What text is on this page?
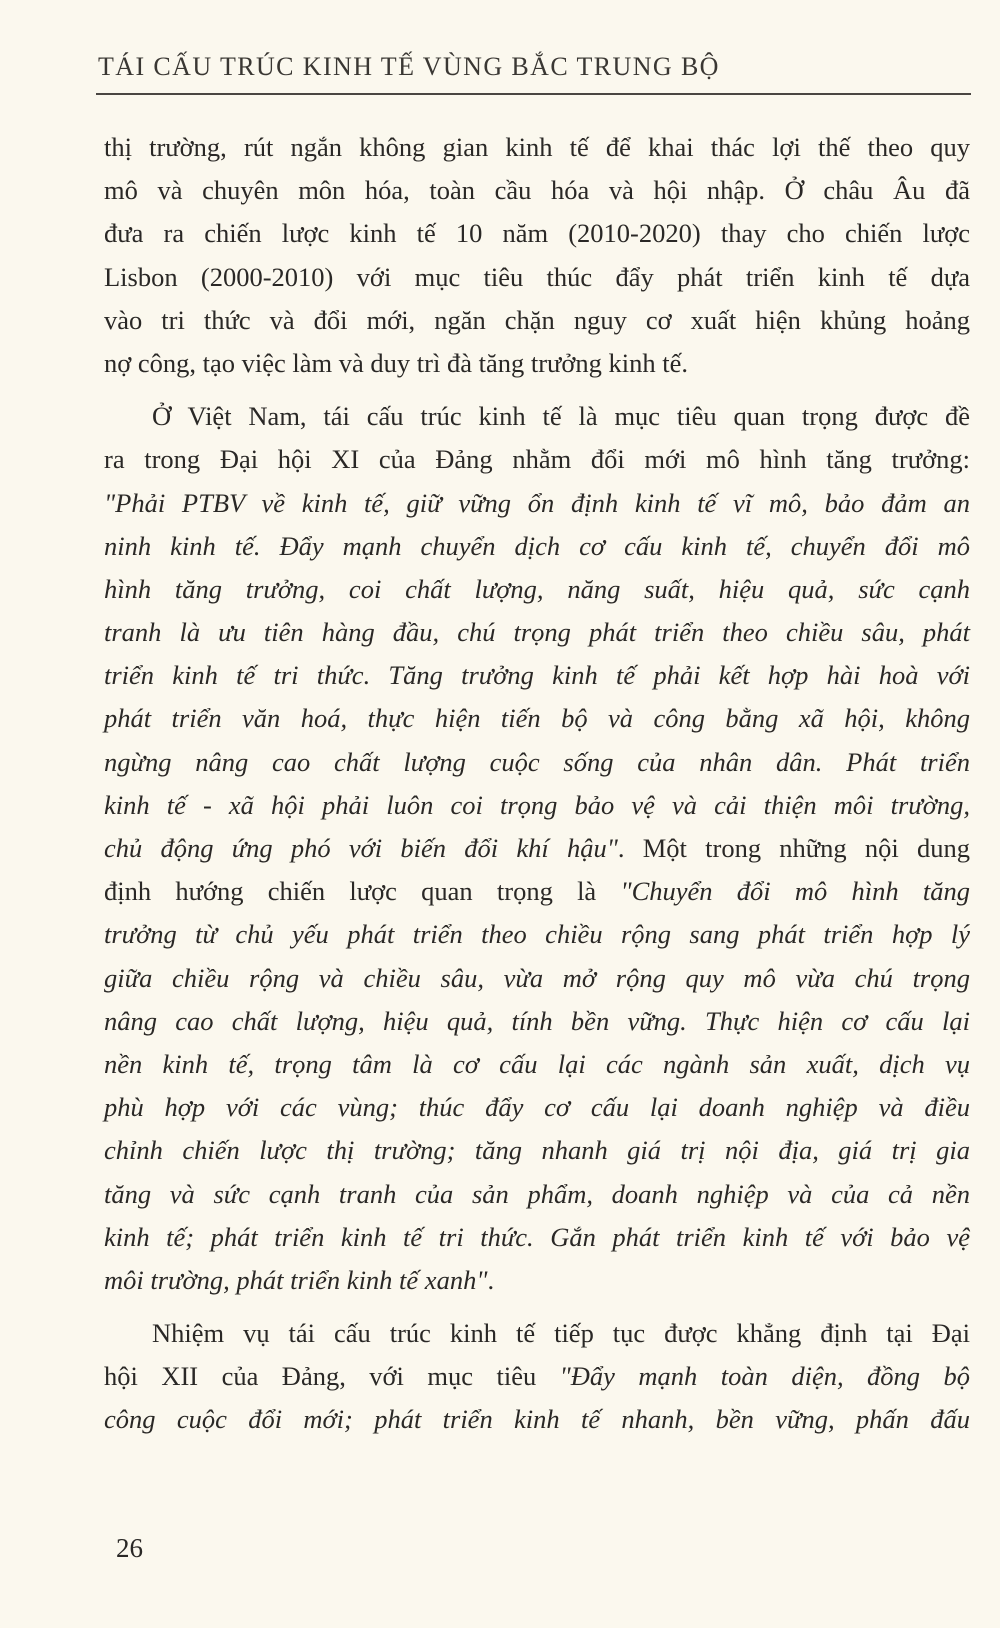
TÁI CẤU TRÚC KINH TẾ VÙNG BẮC TRUNG BỘ
thị trường, rút ngắn không gian kinh tế để khai thác lợi thế theo quy
mô và chuyên môn hóa, toàn cầu hóa và hội nhập. Ở châu Âu đã
đưa ra chiến lược kinh tế 10 năm (2010-2020) thay cho chiến lược
Lisbon (2000-2010) với mục tiêu thúc đẩy phát triển kinh tế dựa
vào tri thức và đổi mới, ngăn chặn nguy cơ xuất hiện khủng hoảng
nợ công, tạo việc làm và duy trì đà tăng trưởng kinh tế.
Ở Việt Nam, tái cấu trúc kinh tế là mục tiêu quan trọng được đề
ra trong Đại hội XI của Đảng nhằm đổi mới mô hình tăng trưởng:
"Phải PTBV về kinh tế, giữ vững ổn định kinh tế vĩ mô, bảo đảm an
ninh kinh tế. Đẩy mạnh chuyển dịch cơ cấu kinh tế, chuyển đổi mô
hình tăng trưởng, coi chất lượng, năng suất, hiệu quả, sức cạnh
tranh là ưu tiên hàng đầu, chú trọng phát triển theo chiều sâu, phát
triển kinh tế tri thức. Tăng trưởng kinh tế phải kết hợp hài hoà với
phát triển văn hoá, thực hiện tiến bộ và công bằng xã hội, không
ngừng nâng cao chất lượng cuộc sống của nhân dân. Phát triển
kinh tế - xã hội phải luôn coi trọng bảo vệ và cải thiện môi trường,
chủ động ứng phó với biến đổi khí hậu". Một trong những nội dung
định hướng chiến lược quan trọng là "Chuyển đổi mô hình tăng
trưởng từ chủ yếu phát triển theo chiều rộng sang phát triển hợp lý
giữa chiều rộng và chiều sâu, vừa mở rộng quy mô vừa chú trọng
nâng cao chất lượng, hiệu quả, tính bền vững. Thực hiện cơ cấu lại
nền kinh tế, trọng tâm là cơ cấu lại các ngành sản xuất, dịch vụ
phù hợp với các vùng; thúc đẩy cơ cấu lại doanh nghiệp và điều
chỉnh chiến lược thị trường; tăng nhanh giá trị nội địa, giá trị gia
tăng và sức cạnh tranh của sản phẩm, doanh nghiệp và của cả nền
kinh tế; phát triển kinh tế tri thức. Gắn phát triển kinh tế với bảo vệ
môi trường, phát triển kinh tế xanh".
Nhiệm vụ tái cấu trúc kinh tế tiếp tục được khẳng định tại Đại
hội XII của Đảng, với mục tiêu "Đẩy mạnh toàn diện, đồng bộ
công cuộc đổi mới; phát triển kinh tế nhanh, bền vững, phấn đấu
26
